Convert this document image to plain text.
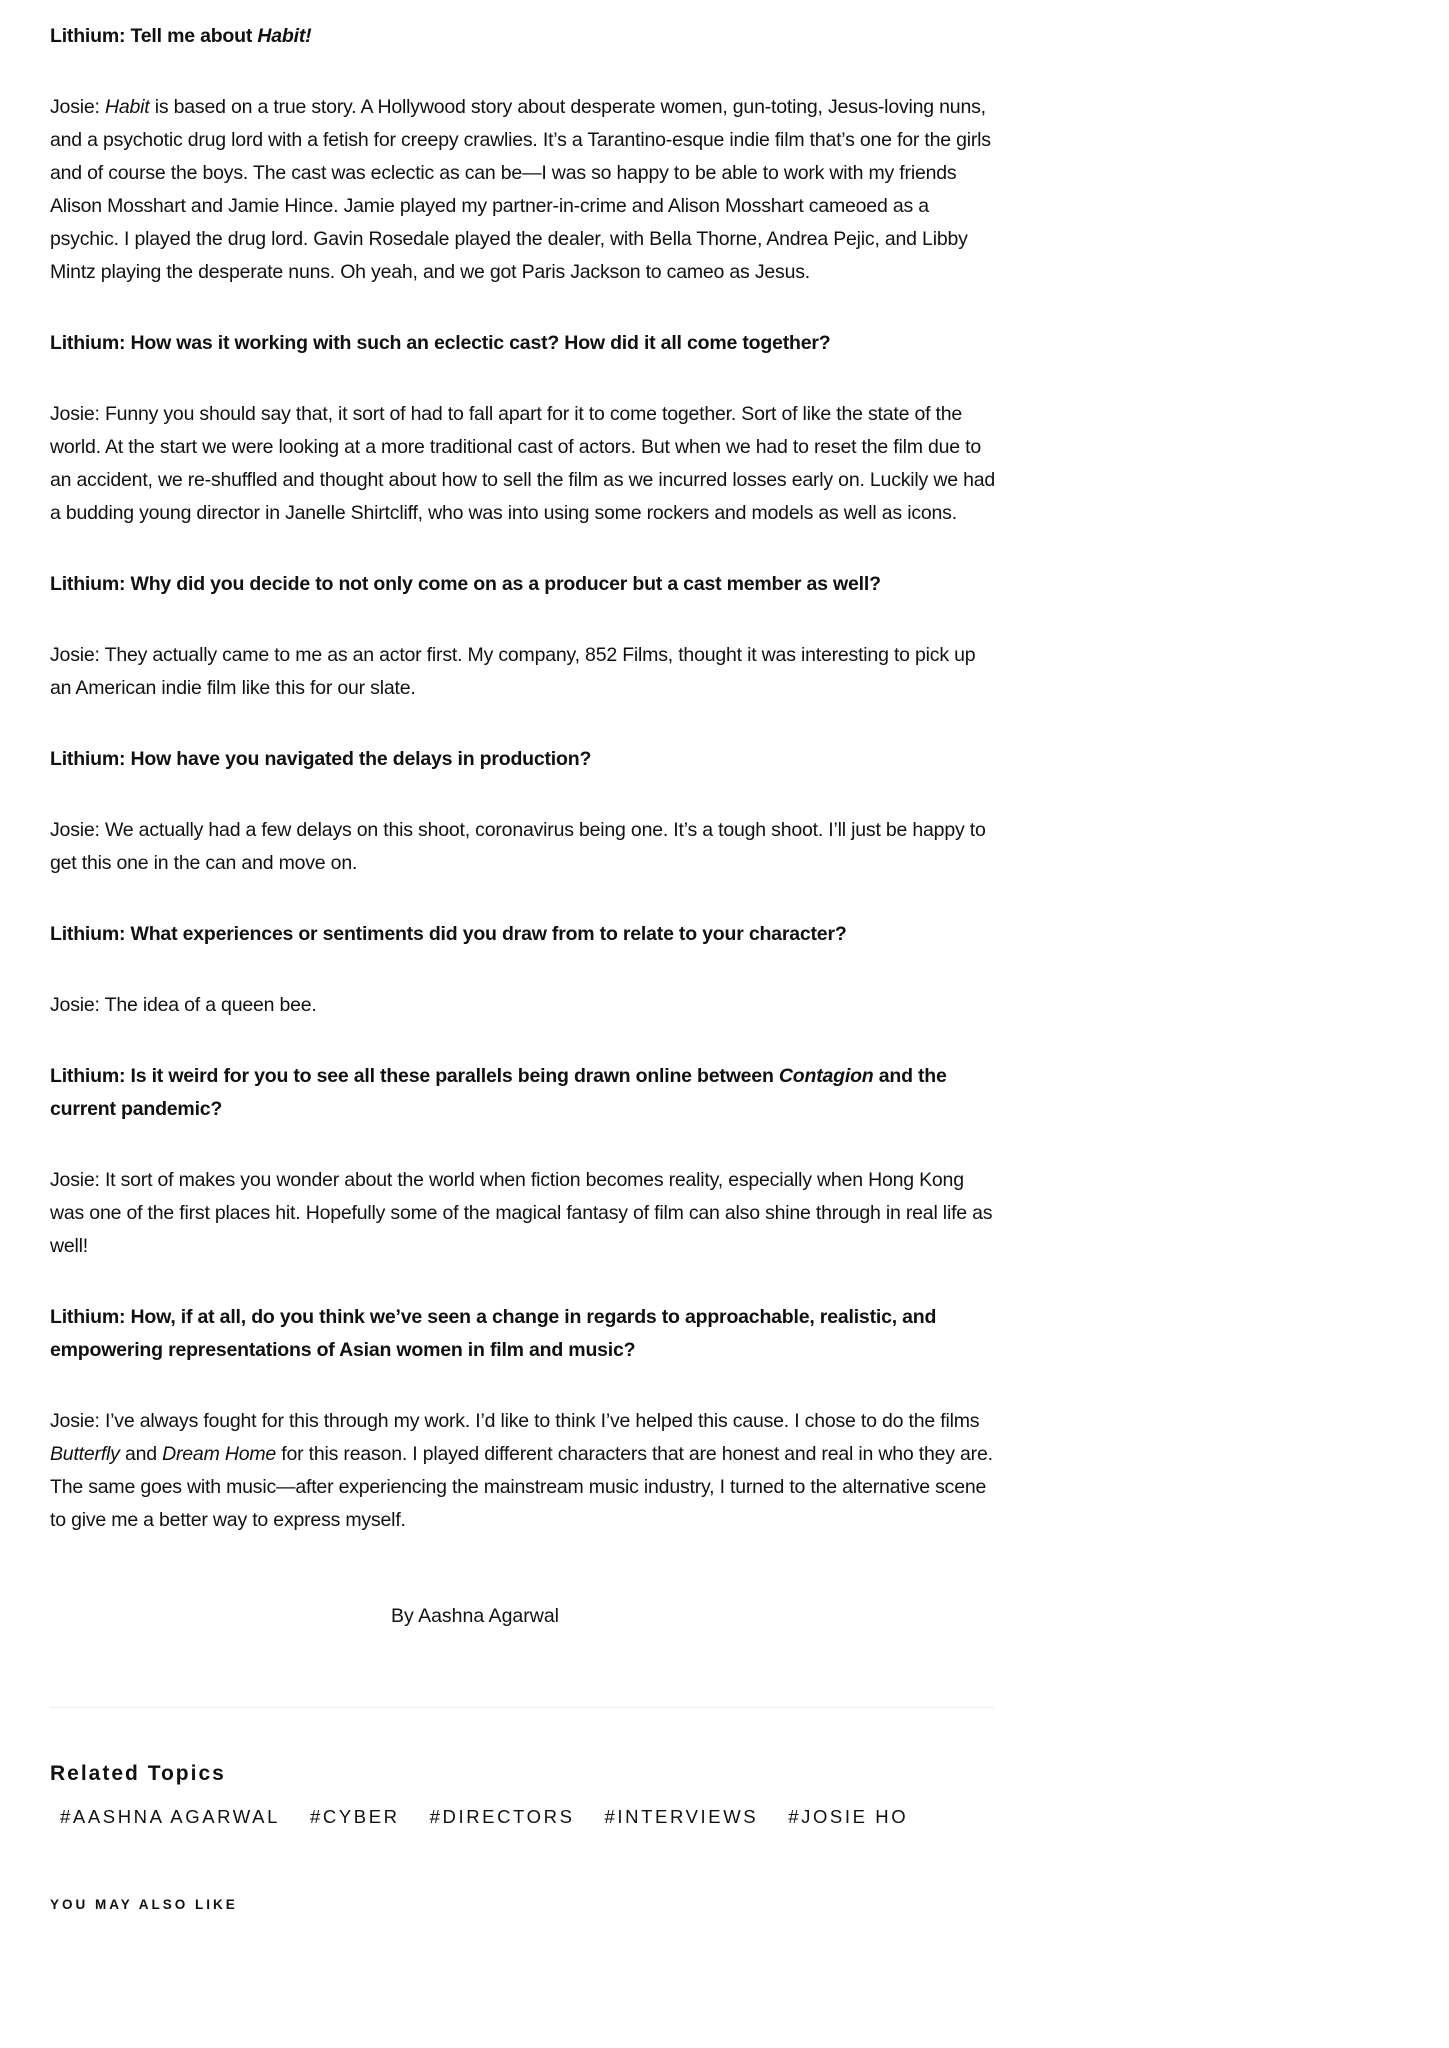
Lithium: Tell me about Habit!

Josie: Habit is based on a true story. A Hollywood story about desperate women, gun-toting, Jesus-loving nuns, and a psychotic drug lord with a fetish for creepy crawlies. It’s a Tarantino-esque indie film that’s one for the girls and of course the boys. The cast was eclectic as can be—I was so happy to be able to work with my friends Alison Mosshart and Jamie Hince. Jamie played my partner-in-crime and Alison Mosshart cameoed as a psychic. I played the drug lord. Gavin Rosedale played the dealer, with Bella Thorne, Andrea Pejic, and Libby Mintz playing the desperate nuns. Oh yeah, and we got Paris Jackson to cameo as Jesus.

Lithium: How was it working with such an eclectic cast? How did it all come together?

Josie: Funny you should say that, it sort of had to fall apart for it to come together. Sort of like the state of the world. At the start we were looking at a more traditional cast of actors. But when we had to reset the film due to an accident, we re-shuffled and thought about how to sell the film as we incurred losses early on. Luckily we had a budding young director in Janelle Shirtcliff, who was into using some rockers and models as well as icons.

Lithium: Why did you decide to not only come on as a producer but a cast member as well?

Josie: They actually came to me as an actor first. My company, 852 Films, thought it was interesting to pick up an American indie film like this for our slate.

Lithium: How have you navigated the delays in production?

Josie: We actually had a few delays on this shoot, coronavirus being one. It’s a tough shoot. I’ll just be happy to get this one in the can and move on.

Lithium: What experiences or sentiments did you draw from to relate to your character?

Josie: The idea of a queen bee.

Lithium: Is it weird for you to see all these parallels being drawn online between Contagion and the current pandemic?

Josie: It sort of makes you wonder about the world when fiction becomes reality, especially when Hong Kong was one of the first places hit. Hopefully some of the magical fantasy of film can also shine through in real life as well!

Lithium: How, if at all, do you think we’ve seen a change in regards to approachable, realistic, and empowering representations of Asian women in film and music?

Josie: I’ve always fought for this through my work. I’d like to think I’ve helped this cause. I chose to do the films Butterfly and Dream Home for this reason. I played different characters that are honest and real in who they are. The same goes with music—after experiencing the mainstream music industry, I turned to the alternative scene to give me a better way to express myself.

By Aashna Agarwal
Related Topics
#AASHNA AGARWAL	#CYBER	#DIRECTORS	#INTERVIEWS	#JOSIE HO
YOU MAY ALSO LIKE
